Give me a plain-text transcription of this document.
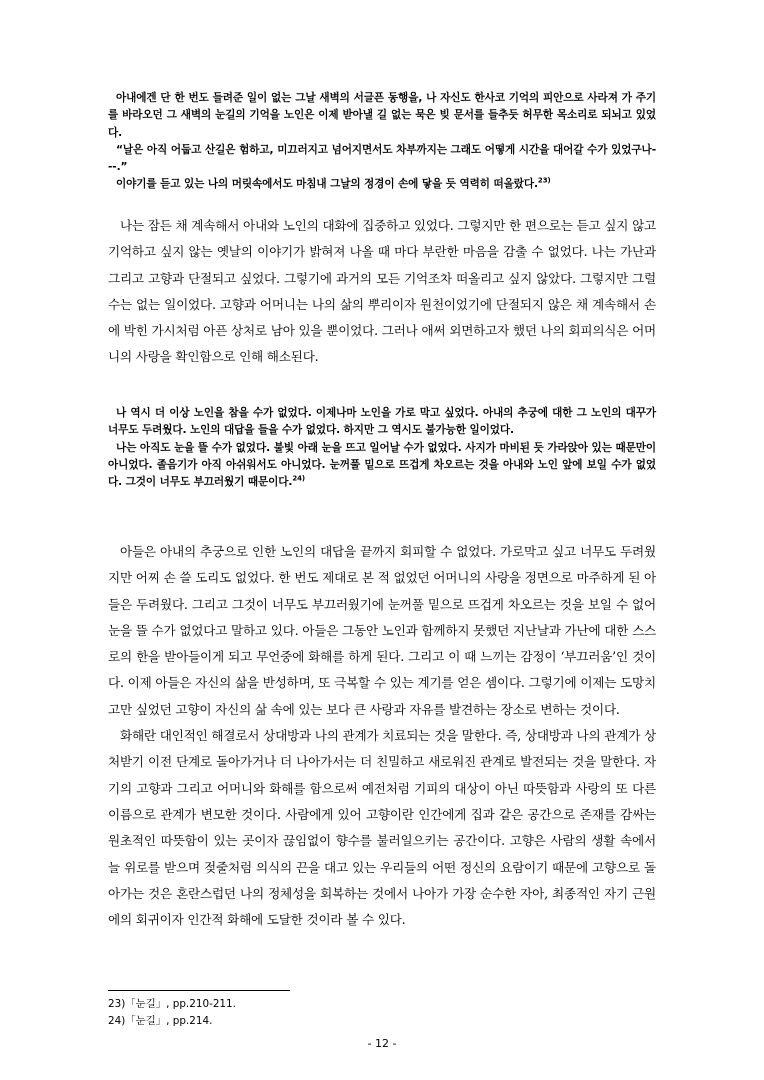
아내에겐 단 한 번도 들려준 일이 없는 그날 새벽의 서글픈 동행을, 나 자신도 한사코 기억의 피안으로 사라져 가 주기를 바라오던 그 새벽의 눈길의 기억을 노인은 이제 받아낼 길 없는 묵은 빚 문서를 들추듯 허무한 목소리로 되뇌고 있었다.

“날은 아직 어둡고 산길은 험하고, 미끄러지고 넘어지면서도 차부까지는 그래도 어떻게 시간을 대어갈 수가 있었구나---.”

이야기를 듣고 있는 나의 머릿속에서도 마침내 그날의 정경이 손에 닿을 듯 역력히 떠올랐다.$^{23)}$

나는 잠든 채 계속해서 아내와 노인의 대화에 집중하고 있었다. 그렇지만 한 편으로는 듣고 싶지 않고 기억하고 싶지 않는 옛날의 이야기가 밝혀져 나올 때 마다 부란한 마음을 감출 수 없었다. 나는 가난과 그리고 고향과 단절되고 싶었다. 그렇기에 과거의 모든 기억조차 떠올리고 싶지 않았다. 그렇지만 그럴 수는 없는 일이었다. 고향과 어머니는 나의 삶의 뿌리이자 원천이었기에 단절되지 않은 채 계속해서 손에 박힌 가시처럼 아픈 상처로 남아 있을 뿐이었다. 그러나 애써 외면하고자 했던 나의 회피의식은 어머니의 사랑을 확인함으로 인해 해소된다.

나 역시 더 이상 노인을 참을 수가 없었다. 이제나마 노인을 가로 막고 싶었다. 아내의 추궁에 대한 그 노인의 대꾸가 너무도 두려웠다. 노인의 대답을 들을 수가 없었다. 하지만 그 역시도 불가능한 일이었다.

나는 아직도 눈을 뜰 수가 없었다. 불빛 아래 눈을 뜨고 일어날 수가 없었다. 사지가 마비된 듯 가라앉아 있는 때문만이 아니었다. 졸음기가 아직 아쉬워서도 아니었다. 눈꺼풀 밑으로 뜨겁게 차오르는 것을 아내와 노인 앞에 보일 수가 없었다. 그것이 너무도 부끄러웠기 때문이다.$^{24)}$

아들은 아내의 추궁으로 인한 노인의 대답을 끝까지 회피할 수 없었다. 가로막고 싶고 너무도 두려웠지만 어찌 손 쓸 도리도 없었다. 한 번도 제대로 본 적 없었던 어머니의 사랑을 정면으로 마주하게 된 아들은 두려웠다. 그리고 그것이 너무도 부끄러웠기에 눈꺼풀 밑으로 뜨겁게 차오르는 것을 보일 수 없어 눈을 뜰 수가 없었다고 말하고 있다. 아들은 그동안 노인과 함께하지 못했던 지난날과 가난에 대한 스스로의 한을 받아들이게 되고 무언중에 화해를 하게 된다. 그리고 이 때 느끼는 감정이 ‘부끄러움’인 것이다. 이제 아들은 자신의 삶을 반성하며, 또 극복할 수 있는 계기를 얻은 셈이다. 그렇기에 이제는 도망치고만 싶었던 고향이 자신의 삶 속에 있는 보다 큰 사랑과 자유를 발견하는 장소로 변하는 것이다.

화해란 대인적인 해결로서 상대방과 나의 관계가 치료되는 것을 말한다. 즉, 상대방과 나의 관계가 상처받기 이전 단계로 돌아가거나 더 나아가서는 더 친밀하고 새로워진 관계로 발전되는 것을 말한다. 자기의 고향과 그리고 어머니와 화해를 함으로써 예전처럼 기피의 대상이 아닌 따뜻함과 사랑의 또 다른 이름으로 관계가 변모한 것이다. 사람에게 있어 고향이란 인간에게 집과 같은 공간으로 존재를 감싸는 원초적인 따뜻함이 있는 곳이자 끊임없이 향수를 불러일으키는 공간이다. 고향은 사람의 생활 속에서 늘 위로를 받으며 젖줄처럼 의식의 끈을 대고 있는 우리들의 어떤 정신의 요람이기 때문에 고향으로 돌아가는 것은 혼란스럽던 나의 정체성을 회복하는 것에서 나아가 가장 순수한 자아, 최종적인 자기 근원에의 회귀이자 인간적 화해에 도달한 것이라 볼 수 있다.

23)「눈길」, pp.210-211.

24)「눈길」, pp.214.

- 12 -
